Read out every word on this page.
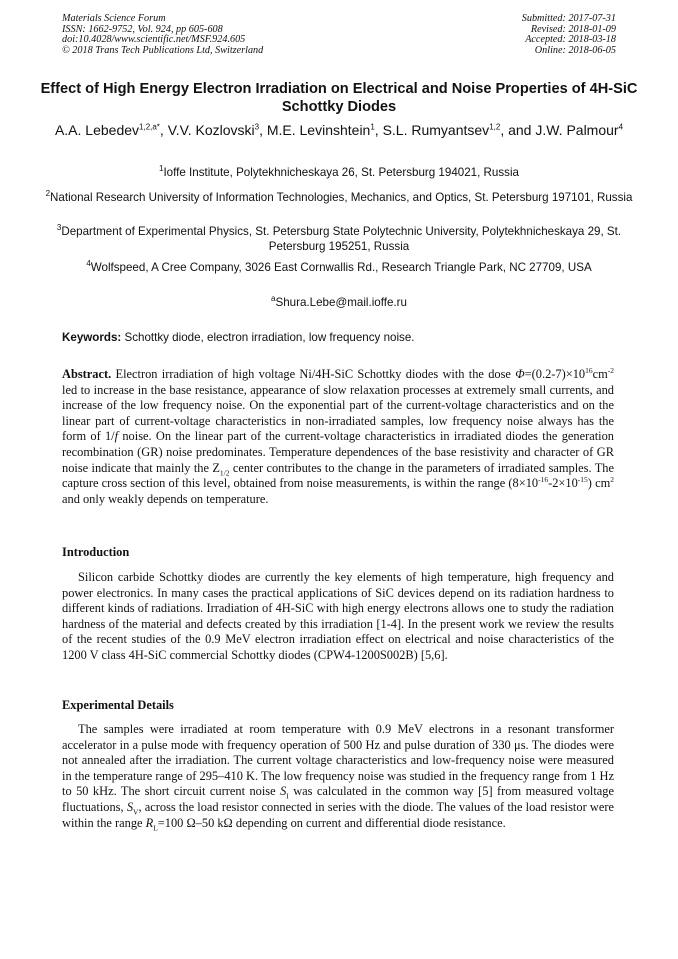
Materials Science Forum
ISSN: 1662-9752, Vol. 924, pp 605-608
doi:10.4028/www.scientific.net/MSF.924.605
© 2018 Trans Tech Publications Ltd, Switzerland
Submitted: 2017-07-31
Revised: 2018-01-09
Accepted: 2018-03-18
Online: 2018-06-05
Effect of High Energy Electron Irradiation on Electrical and Noise Properties of 4H-SiC Schottky Diodes
A.A. Lebedev$^{1,2,a*}$, V.V. Kozlovski$^3$, M.E. Levinshtein$^1$, S.L. Rumyantsev$^{1,2}$, and J.W. Palmour$^4$
$^1$Ioffe Institute, Polytekhnicheskaya 26, St. Petersburg 194021, Russia
$^2$National Research University of Information Technologies, Mechanics, and Optics, St. Petersburg 197101, Russia
$^3$Department of Experimental Physics, St. Petersburg State Polytechnic University, Polytekhnicheskaya 29, St. Petersburg 195251, Russia
$^4$Wolfspeed, A Cree Company, 3026 East Cornwallis Rd., Research Triangle Park, NC 27709, USA
$^a$Shura.Lebe@mail.ioffe.ru
Keywords: Schottky diode, electron irradiation, low frequency noise.
Abstract. Electron irradiation of high voltage Ni/4H-SiC Schottky diodes with the dose $\Phi=(0.2-7)\times 10^{16}cm^{-2}$ led to increase in the base resistance, appearance of slow relaxation processes at extremely small currents, and increase of the low frequency noise. On the exponential part of the current-voltage characteristics and on the linear part of current-voltage characteristics in non-irradiated samples, low frequency noise always has the form of 1/f noise. On the linear part of the current-voltage characteristics in irradiated diodes the generation recombination (GR) noise predominates. Temperature dependences of the base resistivity and character of GR noise indicate that mainly the $Z_{1/2}$ center contributes to the change in the parameters of irradiated samples. The capture cross section of this level, obtained from noise measurements, is within the range $(8\times 10^{-16}-2\times 10^{-15})$ $cm^2$ and only weakly depends on temperature.
Introduction
Silicon carbide Schottky diodes are currently the key elements of high temperature, high frequency and power electronics. In many cases the practical applications of SiC devices depend on its radiation hardness to different kinds of radiations. Irradiation of 4H-SiC with high energy electrons allows one to study the radiation hardness of the material and defects created by this irradiation [1-4]. In the present work we review the results of the recent studies of the 0.9 MeV electron irradiation effect on electrical and noise characteristics of the 1200 V class 4H-SiC commercial Schottky diodes (CPW4-1200S002B) [5,6].
Experimental Details
The samples were irradiated at room temperature with 0.9 MeV electrons in a resonant transformer accelerator in a pulse mode with frequency operation of 500 Hz and pulse duration of 330 μs. The diodes were not annealed after the irradiation. The current voltage characteristics and low-frequency noise were measured in the temperature range of 295–410 K. The low frequency noise was studied in the frequency range from 1 Hz to 50 kHz. The short circuit current noise $S_I$ was calculated in the common way [5] from measured voltage fluctuations, $S_V$, across the load resistor connected in series with the diode. The values of the load resistor were within the range $R_L=100$ Ω–50 kΩ depending on current and differential diode resistance.
